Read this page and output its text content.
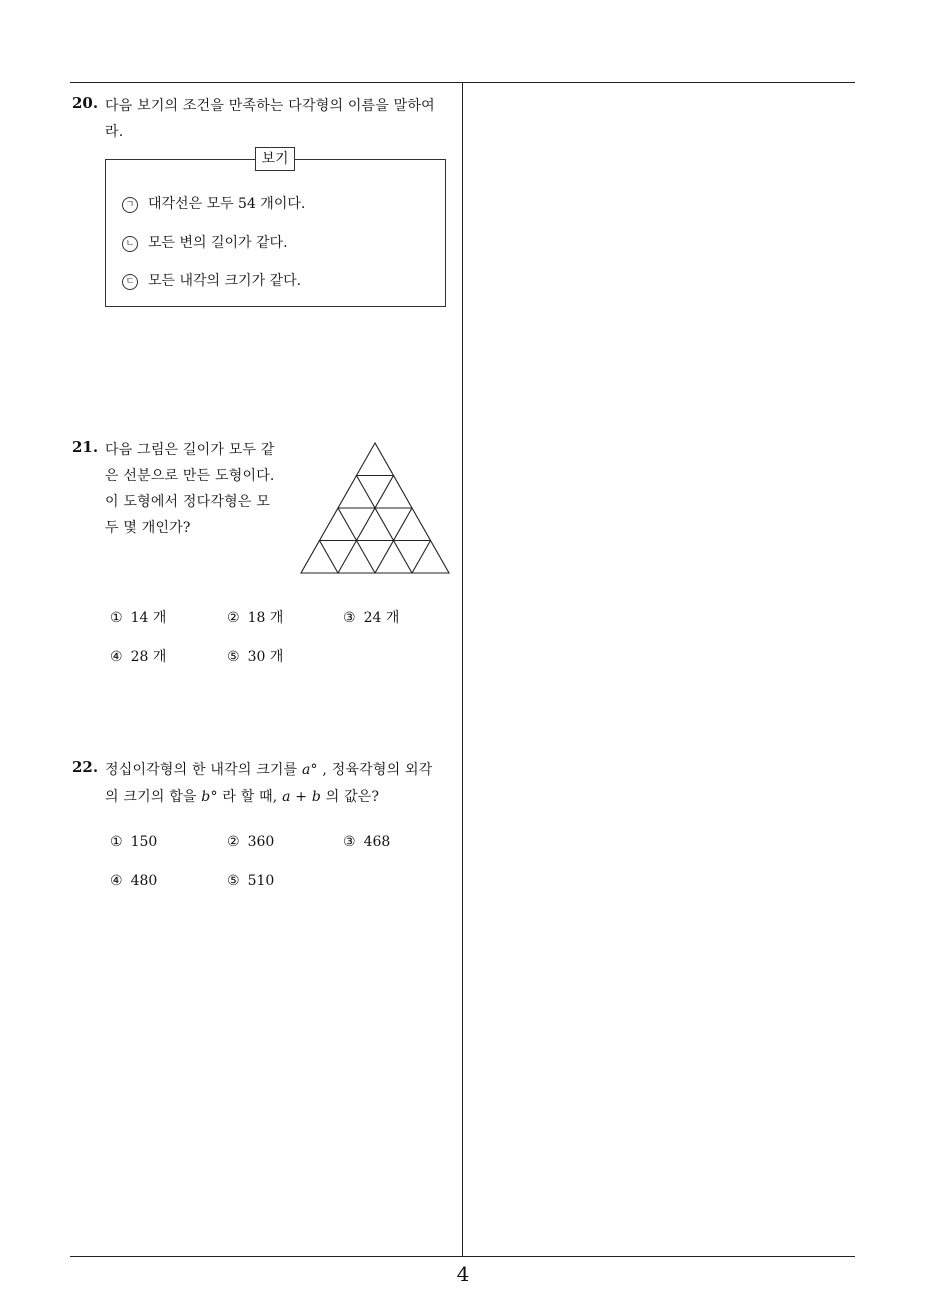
4
20. 다음 보기의 조건을 만족하는 다각형의 이름을 말하여
라.
보기
ㄱ 대각선은 모두 54 개이다.
ㄴ 모든 변의 길이가 같다.
ㄷ 모든 내각의 크기가 같다.
21. 다음 그림은 길이가 모두 같
은 선분으로 만든 도형이다.
이 도형에서 정다각형은 모
두 몇 개인가?
① 14 개	② 18 개	③ 24 개
④ 28 개	⑤ 30 개
22. 정십이각형의 한 내각의 크기를 a° , 정육각형의 외각
의 크기의 합을 b° 라 할 때, a + b 의 값은?
① 150	② 360	③ 468
④ 480	⑤ 510
